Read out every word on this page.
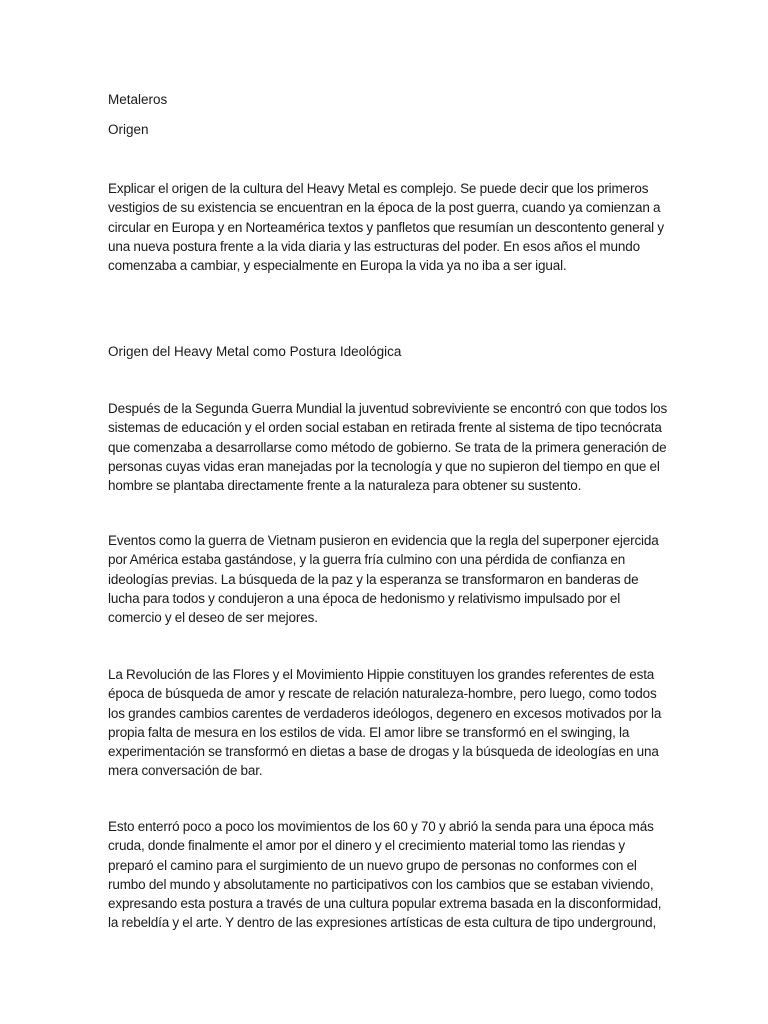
Metaleros

Origen

Explicar el origen de la cultura del Heavy Metal es complejo. Se puede decir que los primeros vestigios de su existencia se encuentran en la época de la post guerra, cuando ya comienzan a circular en Europa y en Norteamérica textos y panfletos que resumían un descontento general y una nueva postura frente a la vida diaria y las estructuras del poder. En esos años el mundo comenzaba a cambiar, y especialmente en Europa la vida ya no iba a ser igual.

Origen del Heavy Metal como Postura Ideológica

Después de la Segunda Guerra Mundial la juventud sobreviviente se encontró con que todos los sistemas de educación y el orden social estaban en retirada frente al sistema de tipo tecnócrata que comenzaba a desarrollarse como método de gobierno. Se trata de la primera generación de personas cuyas vidas eran manejadas por la tecnología y que no supieron del tiempo en que el hombre se plantaba directamente frente a la naturaleza para obtener su sustento.

Eventos como la guerra de Vietnam pusieron en evidencia que la regla del superponer ejercida por América estaba gastándose, y la guerra fría culmino con una pérdida de confianza en ideologías previas. La búsqueda de la paz y la esperanza se transformaron en banderas de lucha para todos y condujeron a una época de hedonismo y relativismo impulsado por el comercio y el deseo de ser mejores.

La Revolución de las Flores y el Movimiento Hippie constituyen los grandes referentes de esta época de búsqueda de amor y rescate de relación naturaleza-hombre, pero luego, como todos los grandes cambios carentes de verdaderos ideólogos, degenero en excesos motivados por la propia falta de mesura en los estilos de vida. El amor libre se transformó en el swinging, la experimentación se transformó en dietas a base de drogas y la búsqueda de ideologías en una mera conversación de bar.

Esto enterró poco a poco los movimientos de los 60 y 70 y abrió la senda para una época más cruda, donde finalmente el amor por el dinero y el crecimiento material tomo las riendas y preparó el camino para el surgimiento de un nuevo grupo de personas no conformes con el rumbo del mundo y absolutamente no participativos con los cambios que se estaban viviendo, expresando esta postura a través de una cultura popular extrema basada en la disconformidad, la rebeldía y el arte. Y dentro de las expresiones artísticas de esta cultura de tipo underground,
